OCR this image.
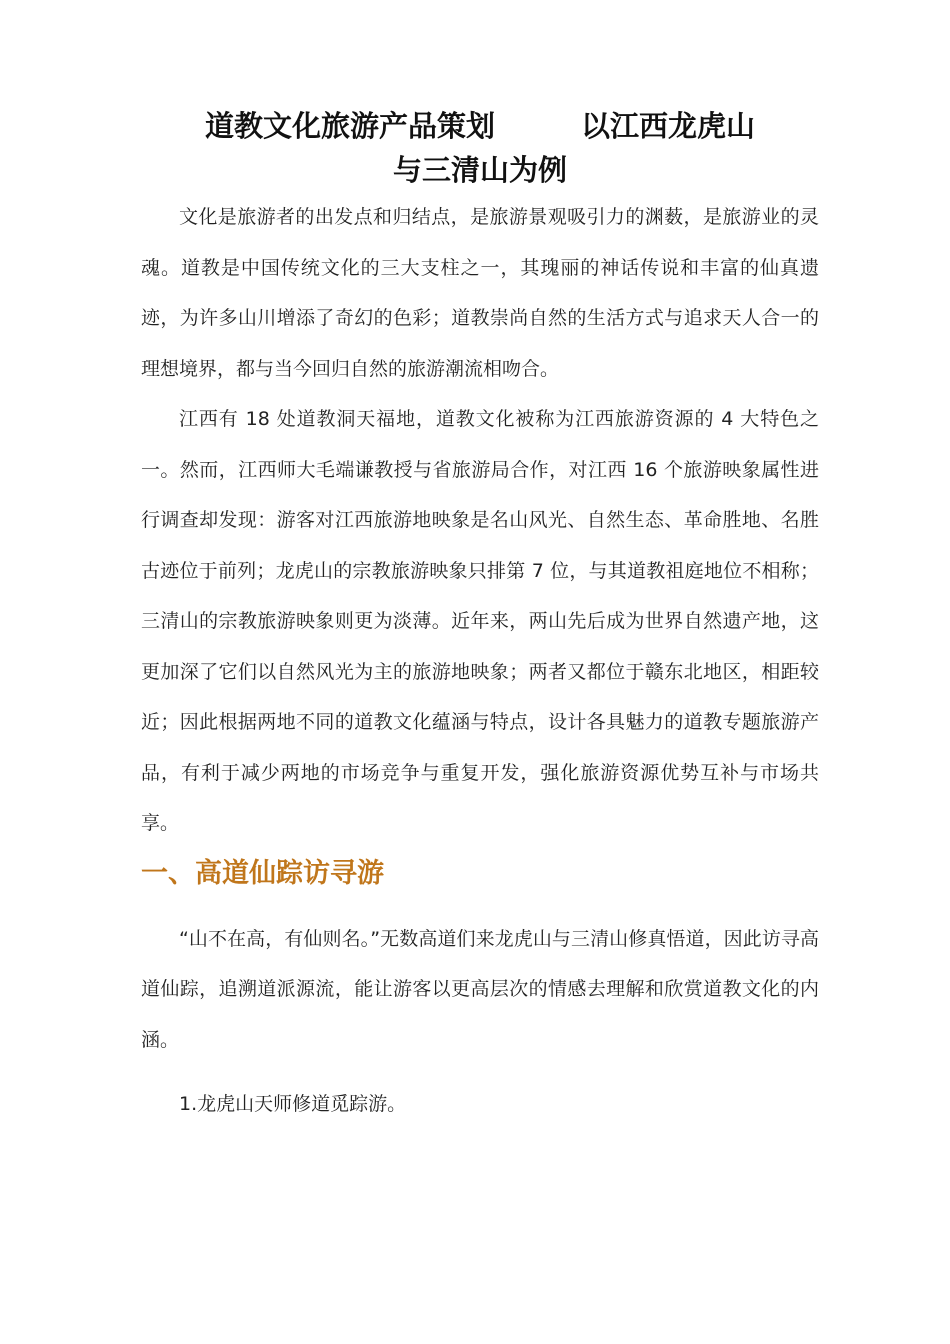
道教文化旅游产品策划	以江西龙虎山
与三清山为例

文化是旅游者的出发点和归结点，是旅游景观吸引力的渊薮，是旅游业的灵魂。道教是中国传统文化的三大支柱之一，其瑰丽的神话传说和丰富的仙真遗迹，为许多山川增添了奇幻的色彩；道教崇尚自然的生活方式与追求天人合一的理想境界，都与当今回归自然的旅游潮流相吻合。

江西有 18 处道教洞天福地，道教文化被称为江西旅游资源的 4 大特色之一。然而，江西师大毛端谦教授与省旅游局合作，对江西 16 个旅游映象属性进行调查却发现：游客对江西旅游地映象是名山风光、自然生态、革命胜地、名胜古迹位于前列；龙虎山的宗教旅游映象只排第 7 位，与其道教祖庭地位不相称；三清山的宗教旅游映象则更为淡薄。近年来，两山先后成为世界自然遗产地，这更加深了它们以自然风光为主的旅游地映象；两者又都位于赣东北地区，相距较近；因此根据两地不同的道教文化蕴涵与特点，设计各具魅力的道教专题旅游产品，有利于减少两地的市场竞争与重复开发，强化旅游资源优势互补与市场共享。

一、高道仙踪访寻游

“山不在高，有仙则名。”无数高道们来龙虎山与三清山修真悟道，因此访寻高道仙踪，追溯道派源流，能让游客以更高层次的情感去理解和欣赏道教文化的内涵。

1.龙虎山天师修道觅踪游。
